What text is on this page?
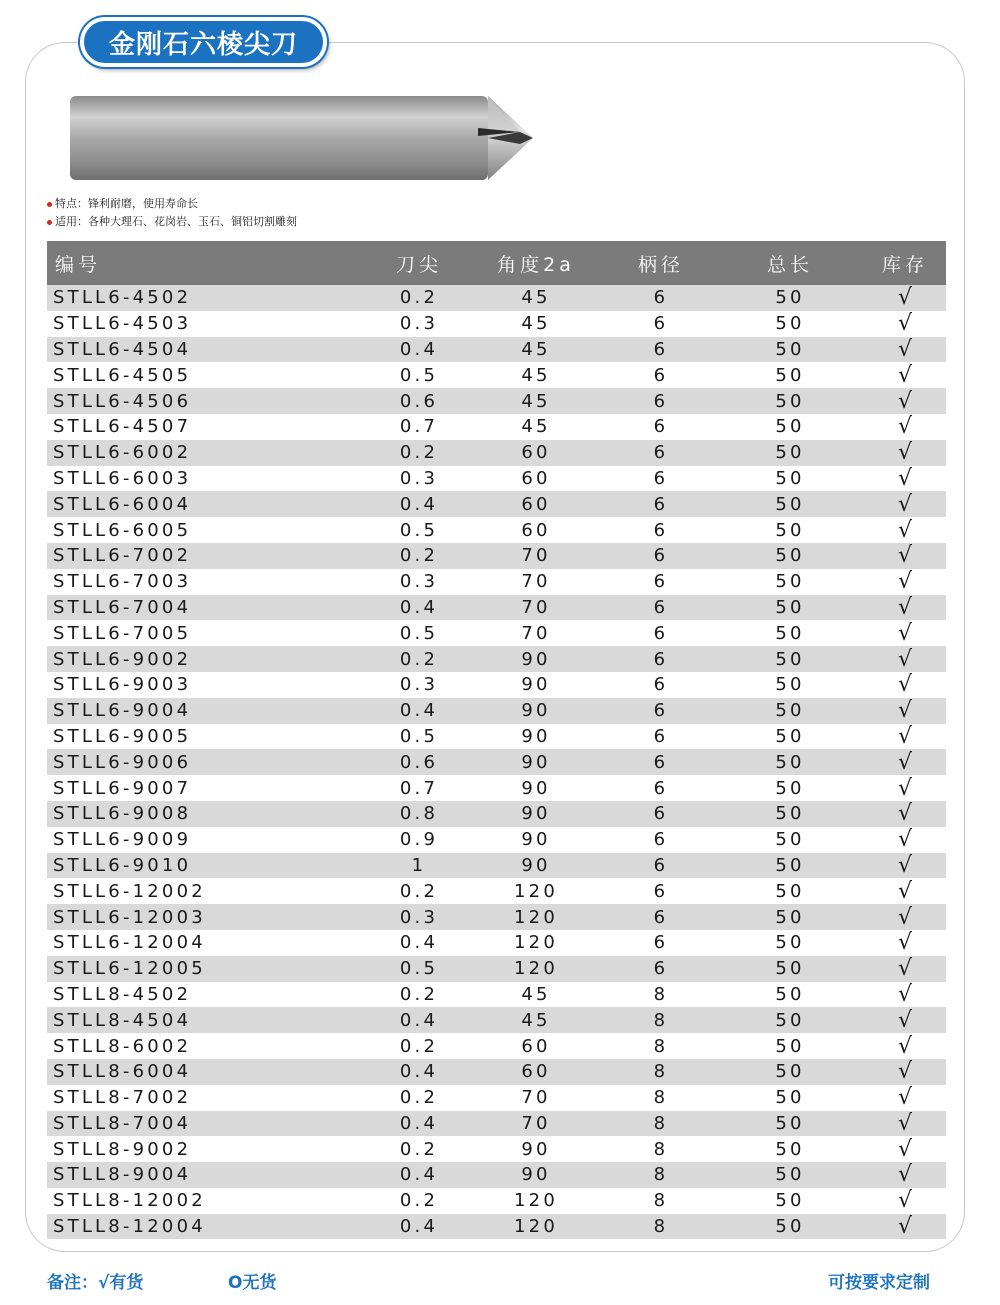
金刚石六棱尖刀
特点：锋利耐磨，使用寿命长
适用：各种大理石、花岗岩、玉石、铜铝切割雕刻
编号	刀尖	角度2a	柄径	总长	库存
STLL6-4502	0.2	45	6	50	√
STLL6-4503	0.3	45	6	50	√
STLL6-4504	0.4	45	6	50	√
STLL6-4505	0.5	45	6	50	√
STLL6-4506	0.6	45	6	50	√
STLL6-4507	0.7	45	6	50	√
STLL6-6002	0.2	60	6	50	√
STLL6-6003	0.3	60	6	50	√
STLL6-6004	0.4	60	6	50	√
STLL6-6005	0.5	60	6	50	√
STLL6-7002	0.2	70	6	50	√
STLL6-7003	0.3	70	6	50	√
STLL6-7004	0.4	70	6	50	√
STLL6-7005	0.5	70	6	50	√
STLL6-9002	0.2	90	6	50	√
STLL6-9003	0.3	90	6	50	√
STLL6-9004	0.4	90	6	50	√
STLL6-9005	0.5	90	6	50	√
STLL6-9006	0.6	90	6	50	√
STLL6-9007	0.7	90	6	50	√
STLL6-9008	0.8	90	6	50	√
STLL6-9009	0.9	90	6	50	√
STLL6-9010	1	90	6	50	√
STLL6-12002	0.2	120	6	50	√
STLL6-12003	0.3	120	6	50	√
STLL6-12004	0.4	120	6	50	√
STLL6-12005	0.5	120	6	50	√
STLL8-4502	0.2	45	8	50	√
STLL8-4504	0.4	45	8	50	√
STLL8-6002	0.2	60	8	50	√
STLL8-6004	0.4	60	8	50	√
STLL8-7002	0.2	70	8	50	√
STLL8-7004	0.4	70	8	50	√
STLL8-9002	0.2	90	8	50	√
STLL8-9004	0.4	90	8	50	√
STLL8-12002	0.2	120	8	50	√
STLL8-12004	0.4	120	8	50	√
备注：√有货	O无货	可按要求定制
